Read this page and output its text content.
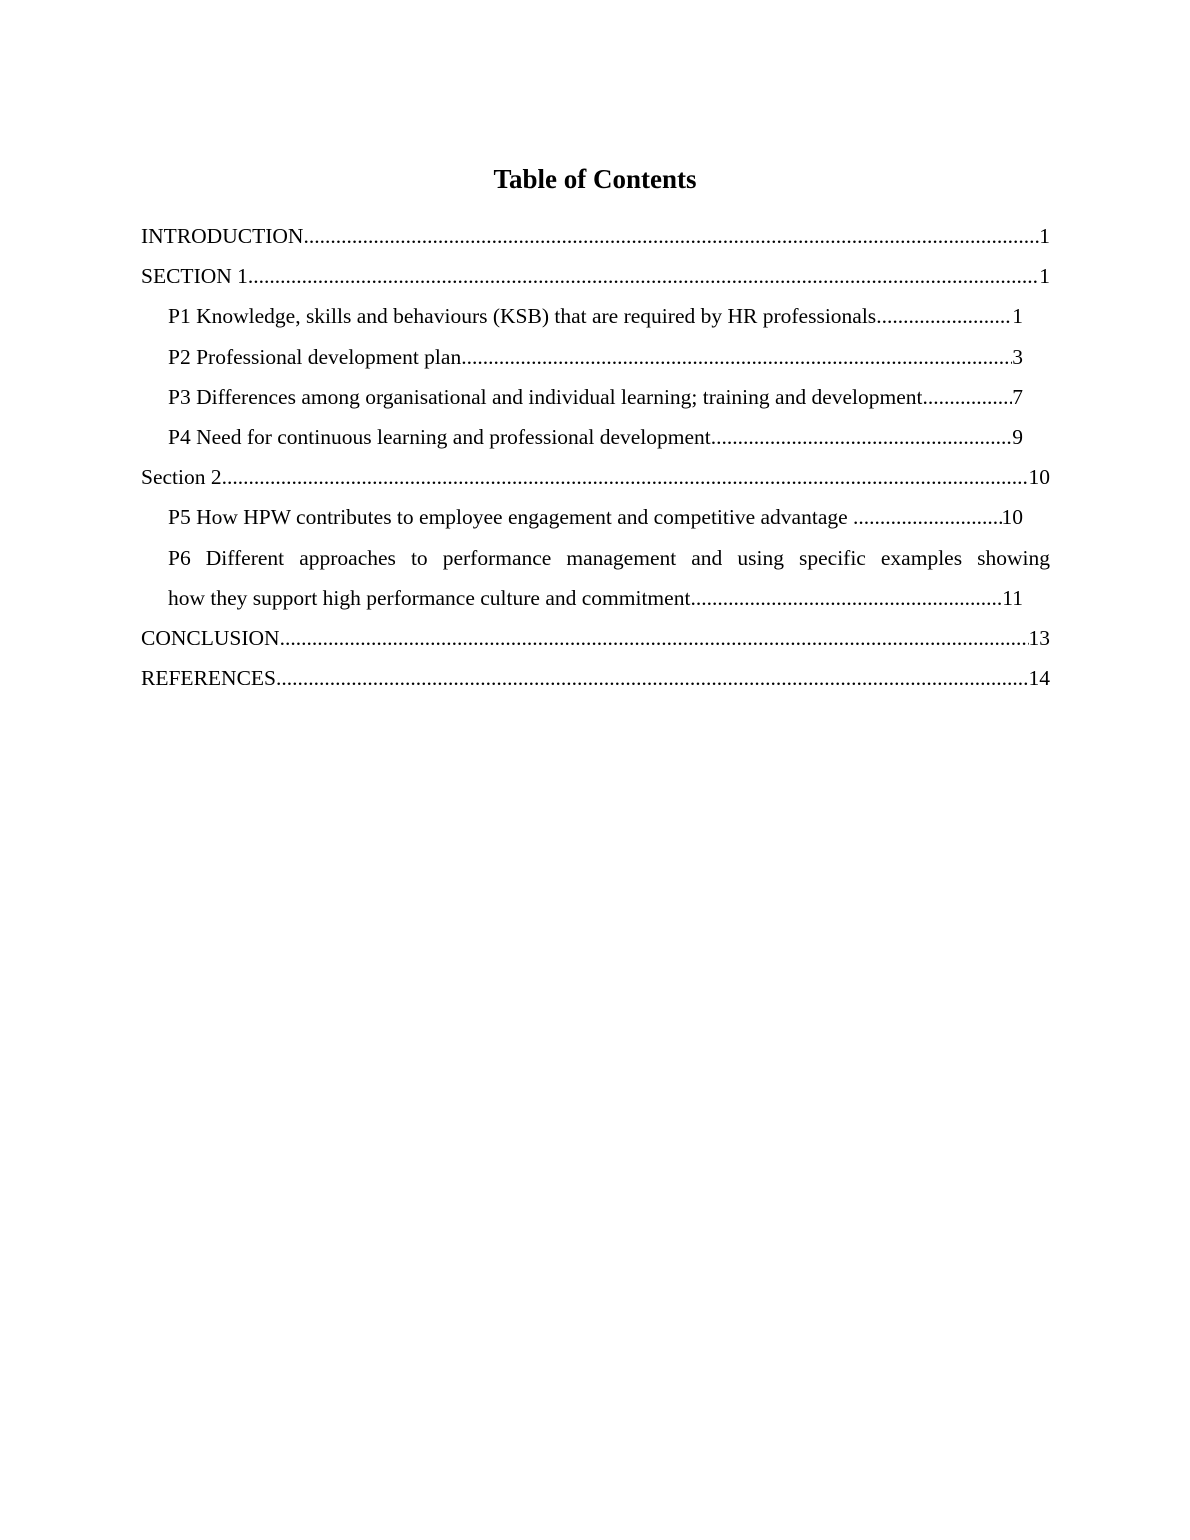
Table of Contents
INTRODUCTION .....	1
SECTION 1 .....	1
P1 Knowledge, skills and behaviours (KSB) that are required by HR professionals .....	1
P2 Professional development plan .....	3
P3 Differences among organisational and individual learning; training and development .....	7
P4 Need for continuous learning and professional development .....	9
Section 2 .....	10
P5 How HPW contributes to employee engagement and competitive advantage .....	10
P6 Different approaches to performance management and using specific examples showing
how they support high performance culture and commitment .....	11
CONCLUSION .....	13
REFERENCES .....	14
